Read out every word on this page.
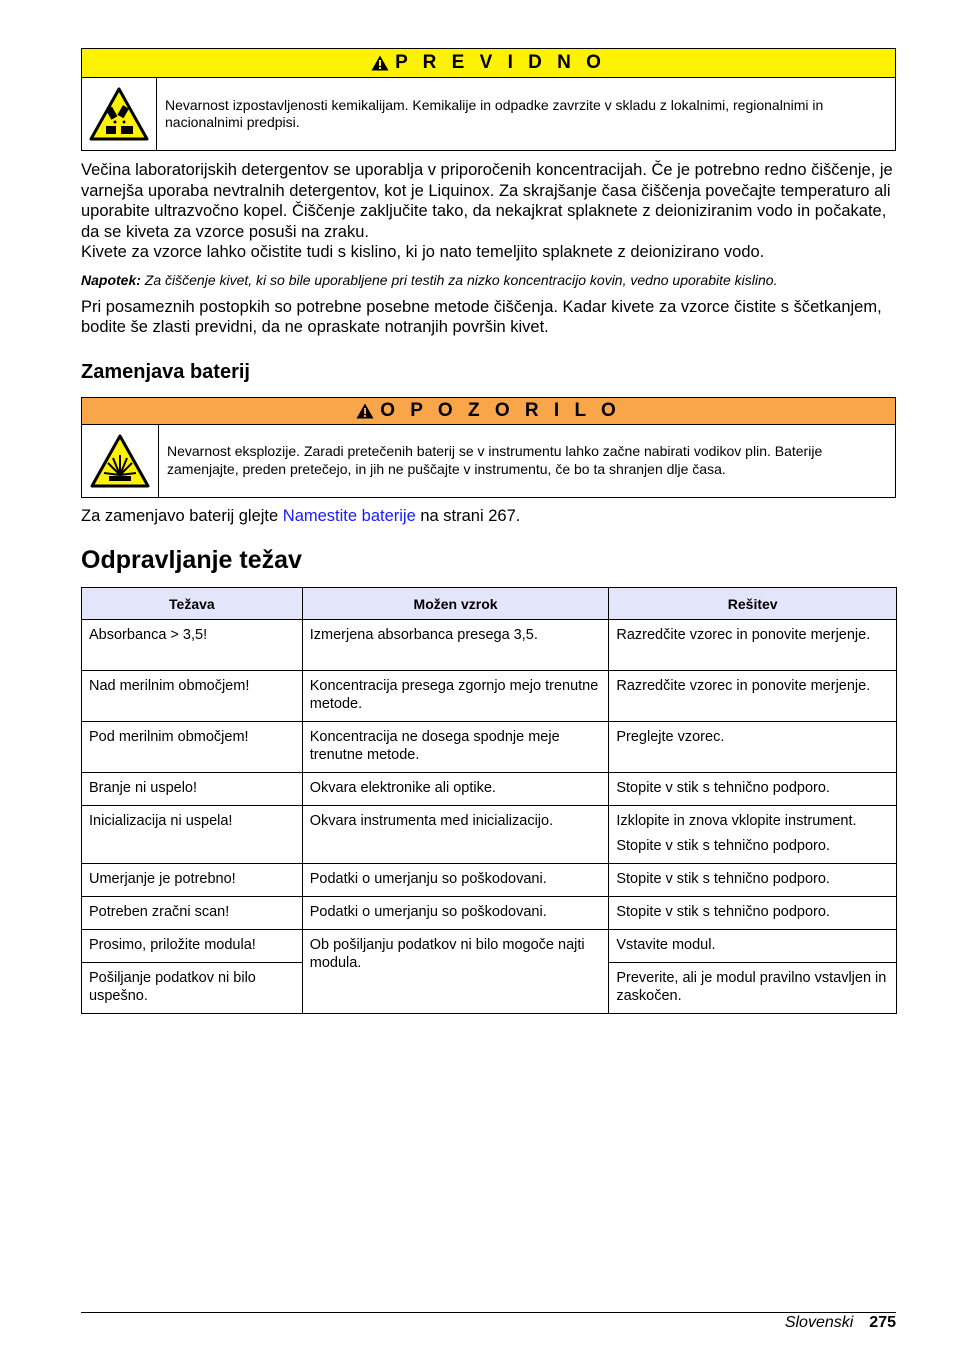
P R E V I D N O
Nevarnost izpostavljenosti kemikalijam. Kemikalije in odpadke zavrzite v skladu z lokalnimi, regionalnimi in nacionalnimi predpisi.

Večina laboratorijskih detergentov se uporablja v priporočenih koncentracijah. Če je potrebno redno čiščenje, je varnejša uporaba nevtralnih detergentov, kot je Liquinox. Za skrajšanje časa čiščenja povečajte temperaturo ali uporabite ultrazvočno kopel. Čiščenje zaključite tako, da nekajkrat splaknete z deioniziranim vodo in počakate, da se kiveta za vzorce posuši na zraku.

Kivete za vzorce lahko očistite tudi s kislino, ki jo nato temeljito splaknete z deionizirano vodo.

Napotek: Za čiščenje kivet, ki so bile uporabljene pri testih za nizko koncentracijo kovin, vedno uporabite kislino.

Pri posameznih postopkih so potrebne posebne metode čiščenja. Kadar kivete za vzorce čistite s ščetkanjem, bodite še zlasti previdni, da ne opraskate notranjih površin kivet.

Zamenjava baterij
O P O Z O R I L O
Nevarnost eksplozije. Zaradi pretečenih baterij se v instrumentu lahko začne nabirati vodikov plin. Baterije zamenjajte, preden pretečejo, in jih ne puščajte v instrumentu, če bo ta shranjen dlje časa.

Za zamenjavo baterij glejte Namestite baterije na strani 267.

Odpravljanje težav
Težava	Možen vzrok	Rešitev
Absorbanca > 3,5!	Izmerjena absorbanca presega 3,5.	Razredčite vzorec in ponovite merjenje.
Nad merilnim območjem!	Koncentracija presega zgornjo mejo trenutne metode.	Razredčite vzorec in ponovite merjenje.
Pod merilnim območjem!	Koncentracija ne dosega spodnje meje trenutne metode.	Preglejte vzorec.
Branje ni uspelo!	Okvara elektronike ali optike.	Stopite v stik s tehnično podporo.
Inicializacija ni uspela!	Okvara instrumenta med inicializacijo.	Izklopite in znova vklopite instrument.
Stopite v stik s tehnično podporo.

Umerjanje je potrebno!	Podatki o umerjanju so poškodovani.	Stopite v stik s tehnično podporo.
Potreben zračni scan!	Podatki o umerjanju so poškodovani.	Stopite v stik s tehnično podporo.
Prosimo, priložite modula!	Ob pošiljanju podatkov ni bilo mogoče najti modula.	Vstavite modul.
Pošiljanje podatkov ni bilo uspešno.		Preverite, ali je modul pravilno vstavljen in zaskočen.
Slovenski 275
